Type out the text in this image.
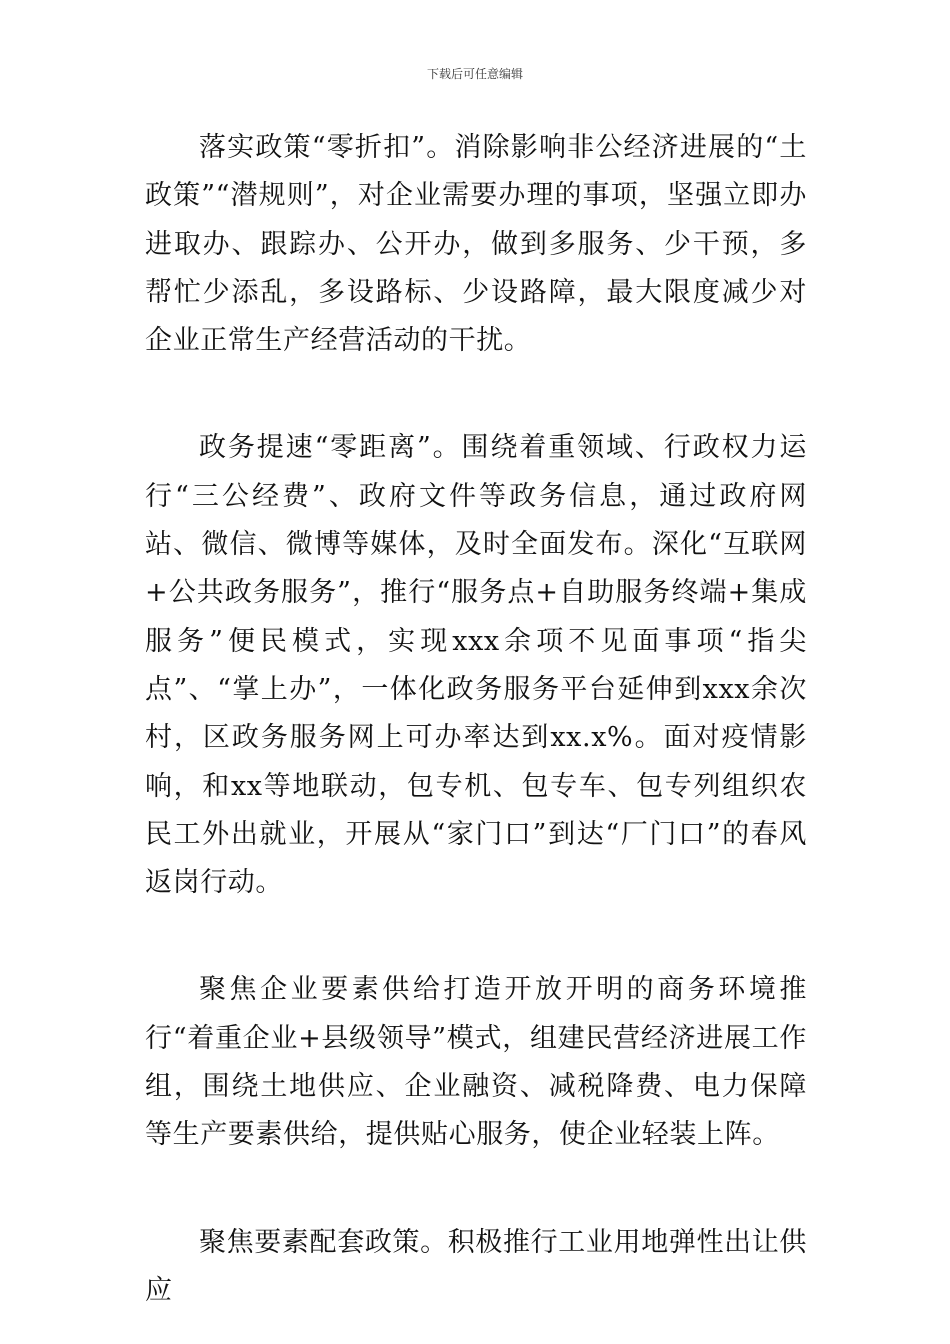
下载后可任意编辑

落实政策“零折扣”。消除影响非公经济进展的“土政策”“潜规则”，对企业需要办理的事项，坚强立即办进取办、跟踪办、公开办，做到多服务、少干预，多帮忙少添乱，多设路标、少设路障，最大限度减少对企业正常生产经营活动的干扰。

政务提速“零距离”。围绕着重领域、行政权力运行“三公经费”、政府文件等政务信息，通过政府网站、微信、微博等媒体，及时全面发布。深化“互联网+公共政务服务”，推行“服务点+自助服务终端+集成服务”便民模式，实现xxx余项不见面事项“指尖点”、“掌上办”，一体化政务服务平台延伸到xxx余次村，区政务服务网上可办率达到xx.x%。面对疫情影响，和xx等地联动，包专机、包专车、包专列组织农民工外出就业，开展从“家门口”到达“厂门口”的春风返岗行动。

聚焦企业要素供给打造开放开明的商务环境推行“着重企业+县级领导”模式，组建民营经济进展工作组，围绕土地供应、企业融资、减税降费、电力保障等生产要素供给，提供贴心服务，使企业轻装上阵。

聚焦要素配套政策。积极推行工业用地弹性出让供应
